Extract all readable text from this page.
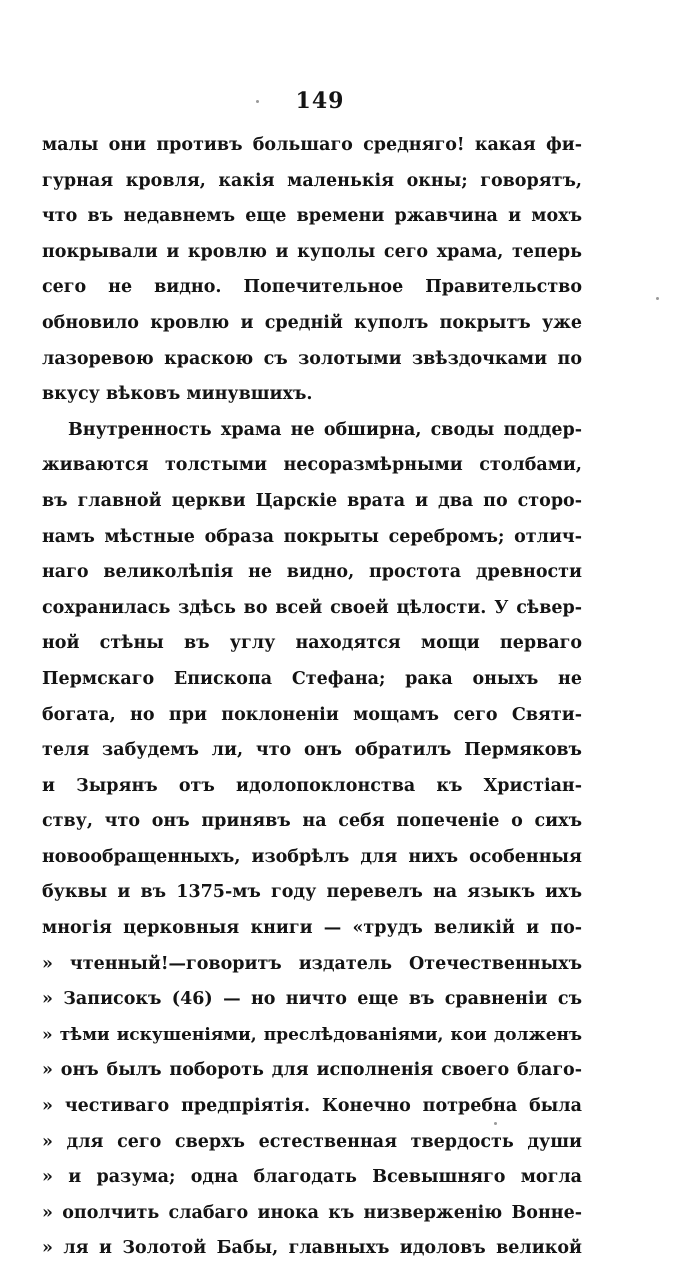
149
малы они противъ большаго средняго! какая фи-
гурная кровля, какія маленькія окны; говорятъ,
что въ недавнемъ еще времени ржавчина и мохъ
покрывали и кровлю и куполы сего храма, теперь
сего не видно. Попечительное Правительство
обновило кровлю и средній куполъ покрытъ уже
лазоревою краскою съ золотыми звѣздочками по
вкусу вѣковъ минувшихъ.
Внутренность храма не обширна, своды поддер-
живаются толстыми несоразмѣрными столбами,
въ главной церкви Царскіе врата и два по сторо-
намъ мѣстные образа покрыты серебромъ; отлич-
наго великолѣпія не видно, простота древности
сохранилась здѣсь во всей своей цѣлости. У сѣвер-
ной стѣны въ углу находятся мощи перваго
Пермскаго Епископа Стефана; рака оныхъ не
богата, но при поклоненіи мощамъ сего Святи-
теля забудемъ ли, что онъ обратилъ Пермяковъ
и Зырянъ отъ идолопоклонства къ Христіан-
ству, что онъ принявъ на себя попеченіе о сихъ
новообращенныхъ, изобрѣлъ для нихъ особенныя
буквы и въ 1375-мъ году перевелъ на языкъ ихъ
многія церковныя книги — «трудъ великій и по-
» чтенный!—говоритъ издатель Отечественныхъ
» Записокъ (46) — но ничто еще въ сравненіи съ
» тѣми искушеніями, преслѣдованіями, кои долженъ
» онъ былъ побороть для исполненія своего благо-
» честиваго предпріятія. Конечно потребна была
» для сего сверхъ естественная твердость души
» и разума; одна благодать Всевышняго могла
» ополчить слабаго инока къ низверженію Вонне-
» ля и Золотой Бабы, главныхъ идоловъ великой
